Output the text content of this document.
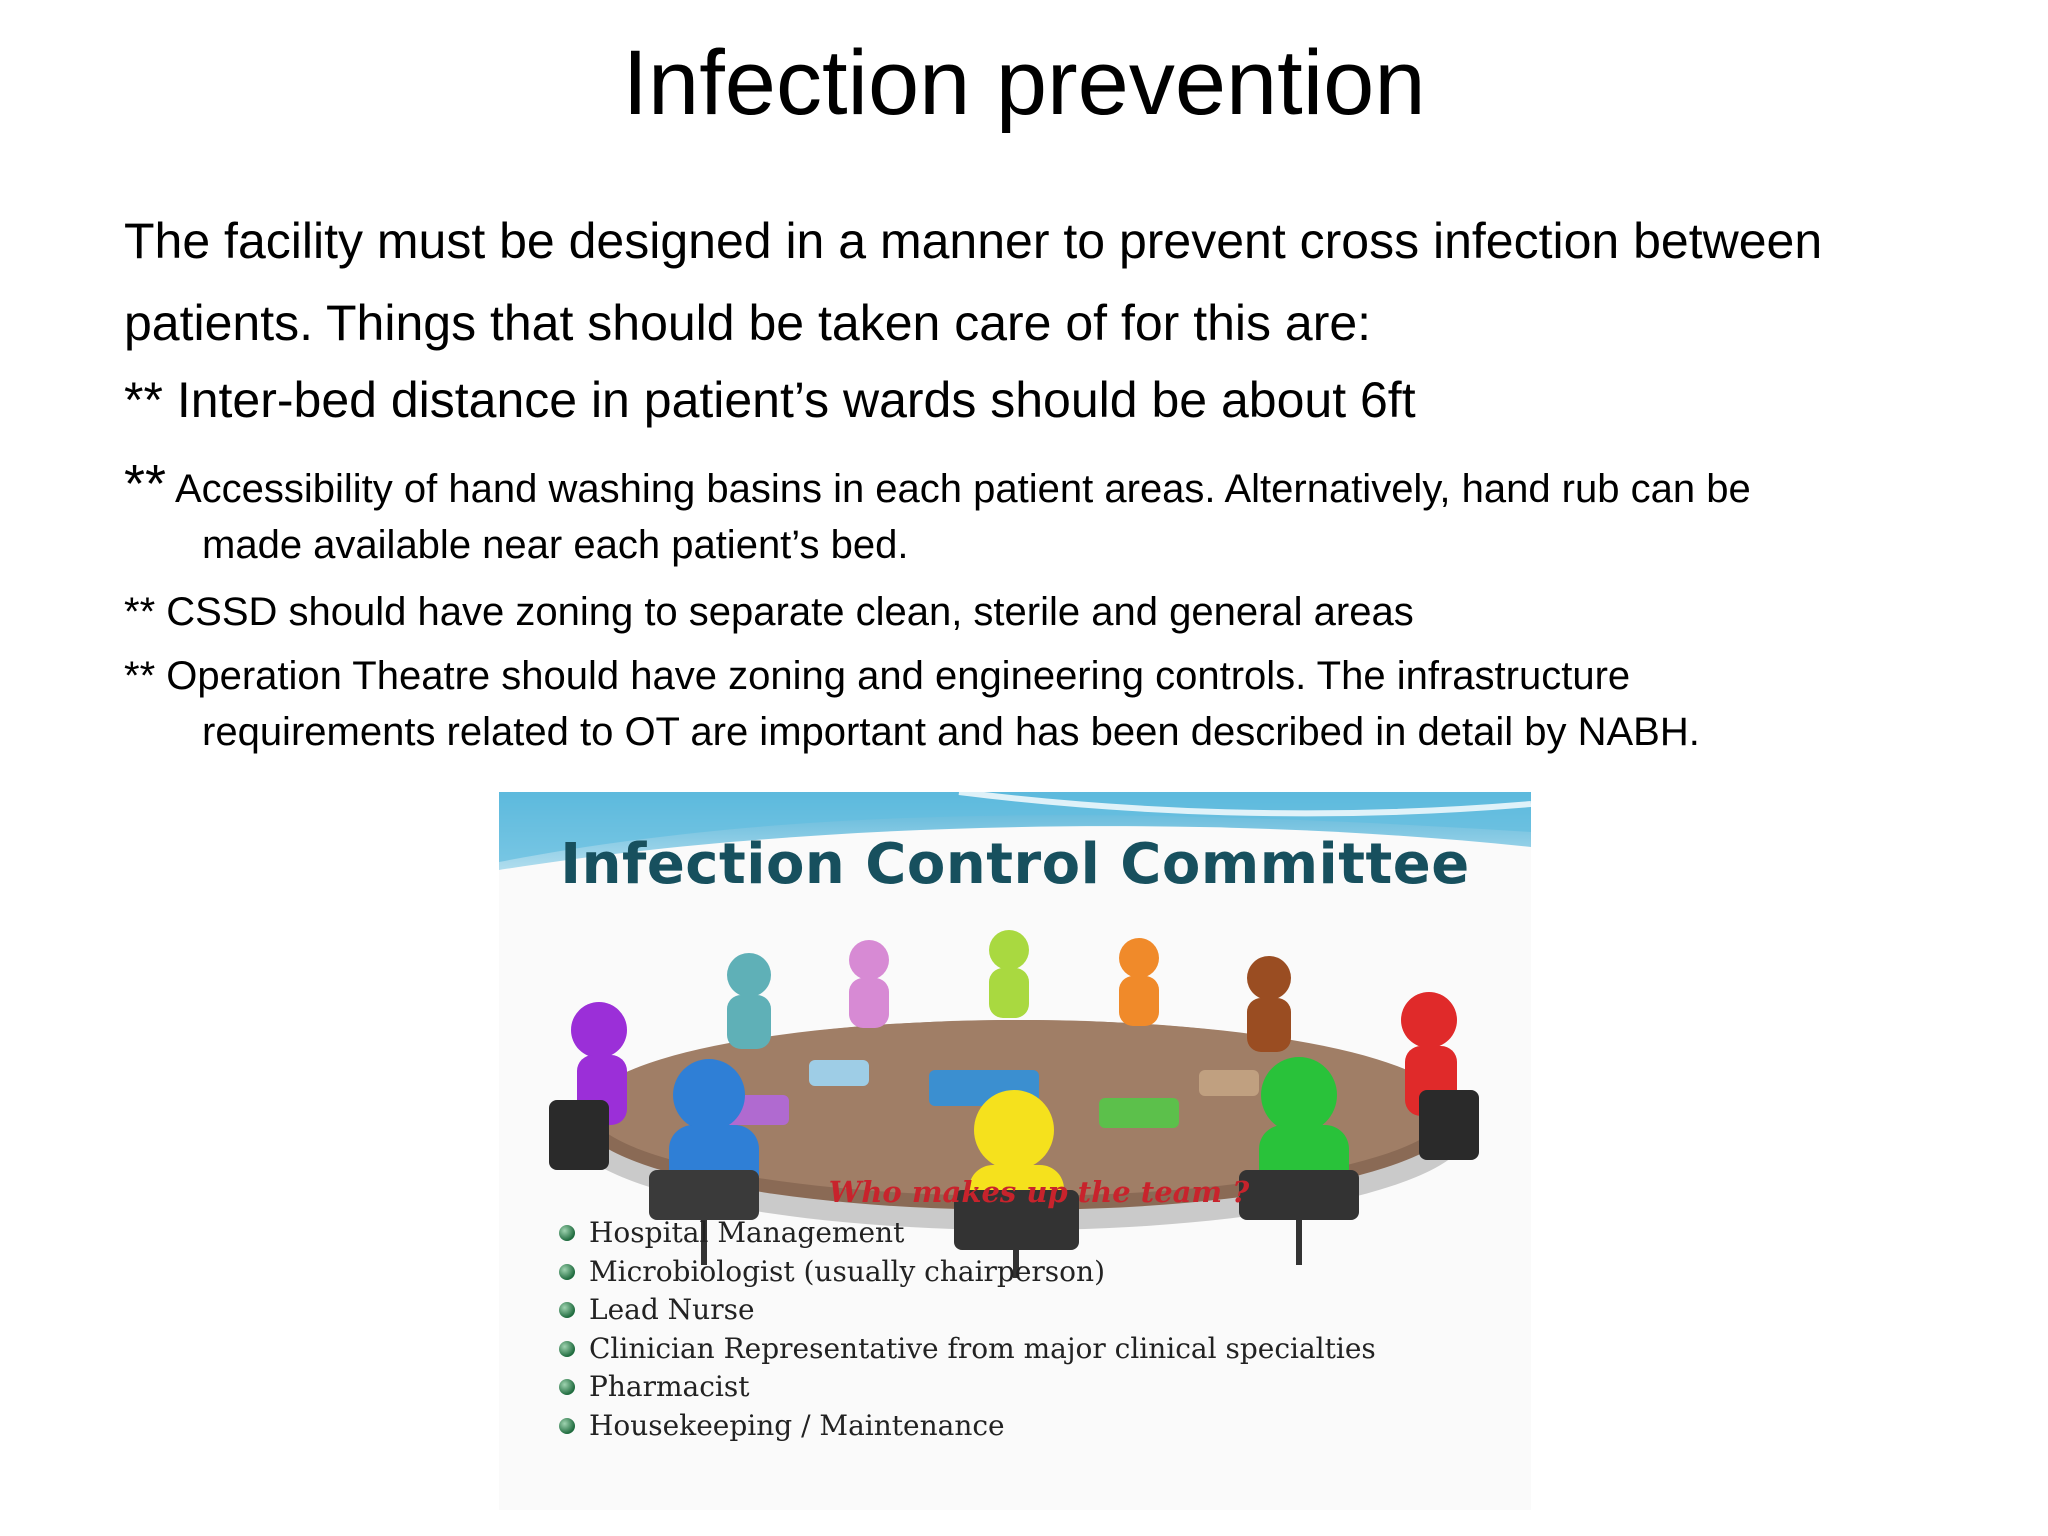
Infection prevention
The facility must be designed in a manner to prevent cross infection between
patients. Things that should be taken care of for this are:
** Inter-bed distance in patient’s wards should be about 6ft
** Accessibility of hand washing basins in each patient areas. Alternatively, hand rub can be
made available near each patient’s bed.
** CSSD should have zoning to separate clean, sterile and general areas
** Operation Theatre should have zoning and engineering controls. The infrastructure
requirements related to OT are important and has been described in detail by NABH.
Infection Control Committee
Who makes up the team ?
Hospital Management
Microbiologist (usually chairperson)
Lead Nurse
Clinician Representative from major clinical specialties
Pharmacist
Housekeeping / Maintenance
